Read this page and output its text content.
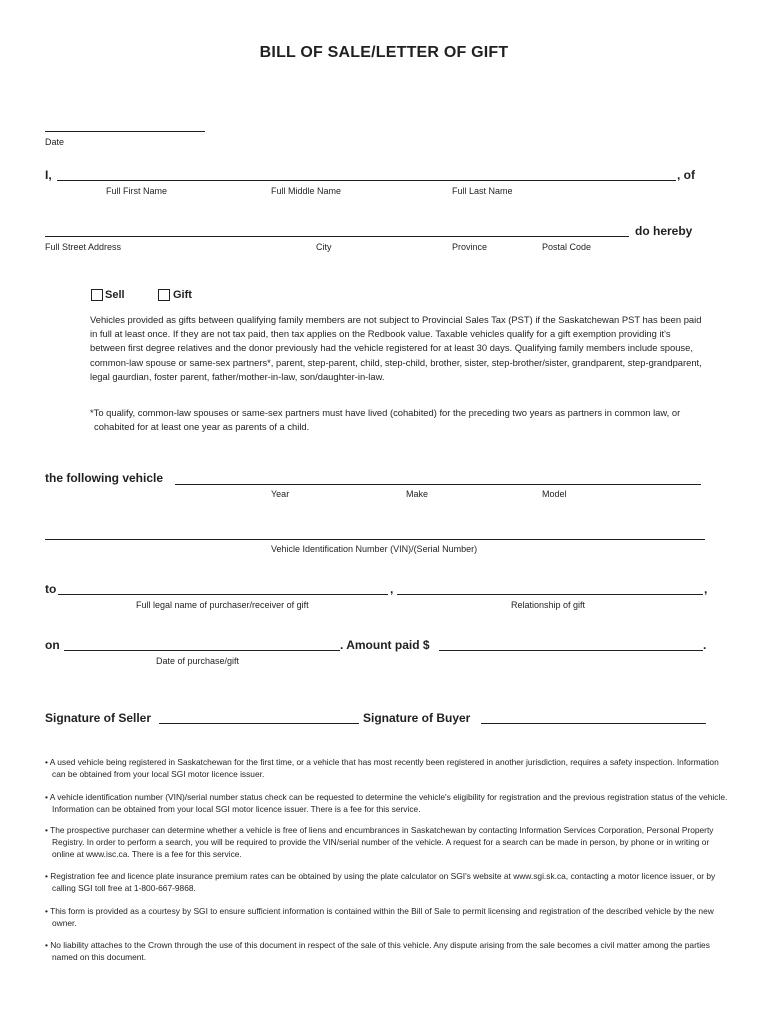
BILL OF SALE/LETTER OF GIFT
Date
I,	, of
Full First Name	Full Middle Name	Full Last Name
do hereby
Full Street Address	City	Province	Postal Code
Sell	Gift
Vehicles provided as gifts between qualifying family members are not subject to Provincial Sales Tax (PST) if the Saskatchewan PST has been paid in full at least once. If they are not tax paid, then tax applies on the Redbook value. Taxable vehicles qualify for a gift exemption providing it's between first degree relatives and the donor previously had the vehicle registered for at least 30 days. Qualifying family members include spouse, common-law spouse or same-sex partners*, parent, step-parent, child, step-child, brother, sister, step-brother/sister, grandparent, step-grandparent, legal gaurdian, foster parent, father/mother-in-law, son/daughter-in-law.
*To qualify, common-law spouses or same-sex partners must have lived (cohabited) for the preceding two years as partners in common law, or cohabited for at least one year as parents of a child.
the following vehicle
Year	Make	Model
Vehicle Identification Number (VIN)/(Serial Number)
to	,	,
Full legal name of purchaser/receiver of gift	Relationship of gift
on	. Amount paid $	.
Date of purchase/gift
Signature of Seller	Signature of Buyer
• A used vehicle being registered in Saskatchewan for the first time, or a vehicle that has most recently been registered in another jurisdiction, requires a safety inspection. Information can be obtained from your local SGI motor licence issuer.
• A vehicle identification number (VIN)/serial number status check can be requested to determine the vehicle's eligibility for registration and the previous registration status of the vehicle. Information can be obtained from your local SGI motor licence issuer. There is a fee for this service.
• The prospective purchaser can determine whether a vehicle is free of liens and encumbrances in Saskatchewan by contacting Information Services Corporation, Personal Property Registry. In order to perform a search, you will be required to provide the VIN/serial number of the vehicle. A request for a search can be made in person, by phone or in writing or online at www.isc.ca. There is a fee for this service.
• Registration fee and licence plate insurance premium rates can be obtained by using the plate calculator on SGI's website at www.sgi.sk.ca, contacting a motor licence issuer, or by calling SGI toll free at 1-800-667-9868.
• This form is provided as a courtesy by SGI to ensure sufficient information is contained within the Bill of Sale to permit licensing and registration of the described vehicle by the new owner.
• No liability attaches to the Crown through the use of this document in respect of the sale of this vehicle. Any dispute arising from the sale becomes a civil matter among the parties named on this document.
